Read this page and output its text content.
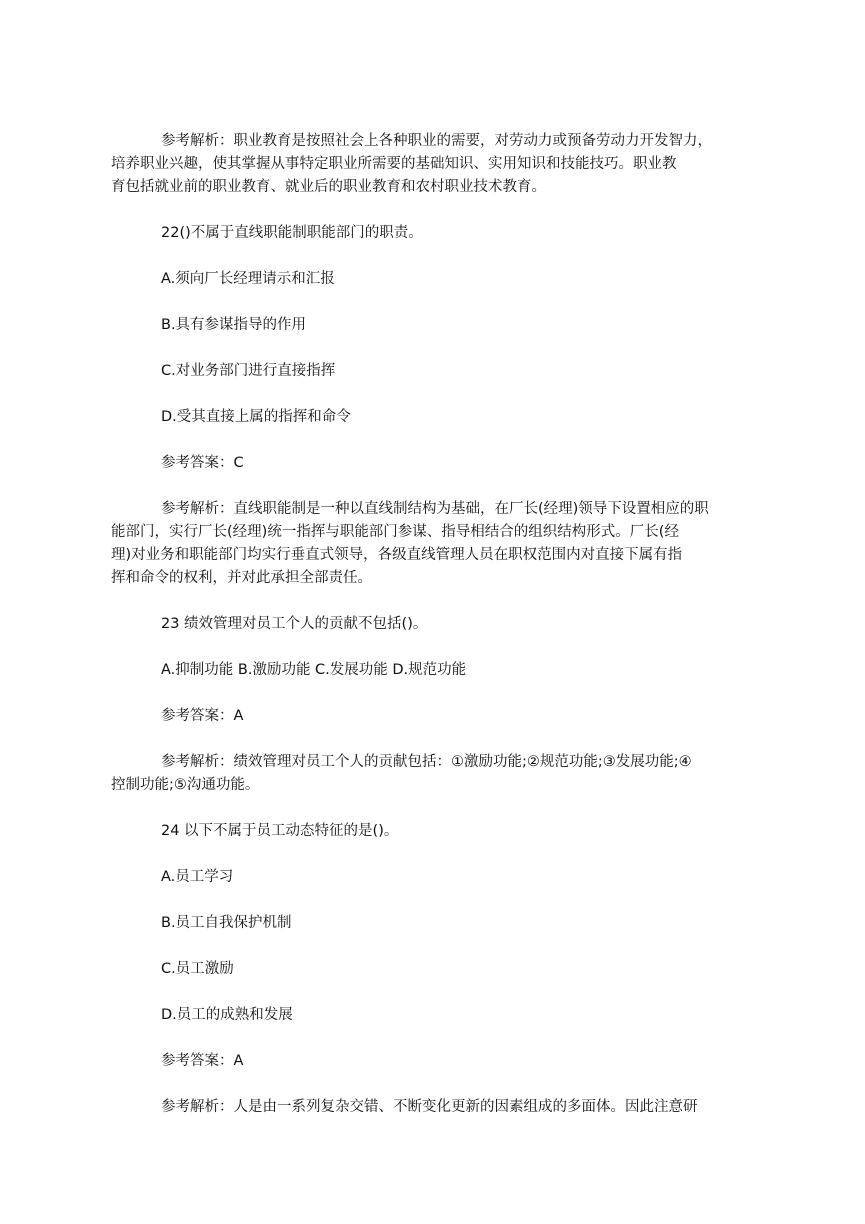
参考解析：职业教育是按照社会上各种职业的需要，对劳动力或预备劳动力开发智力，
培养职业兴趣，使其掌握从事特定职业所需要的基础知识、实用知识和技能技巧。职业教
育包括就业前的职业教育、就业后的职业教育和农村职业技术教育。

22()不属于直线职能制职能部门的职责。

A.须向厂长经理请示和汇报

B.具有参谋指导的作用

C.对业务部门进行直接指挥

D.受其直接上属的指挥和命令

参考答案：C

参考解析：直线职能制是一种以直线制结构为基础，在厂长(经理)领导下设置相应的职
能部门，实行厂长(经理)统一指挥与职能部门参谋、指导相结合的组织结构形式。厂长(经
理)对业务和职能部门均实行垂直式领导，各级直线管理人员在职权范围内对直接下属有指
挥和命令的权利，并对此承担全部责任。

23 绩效管理对员工个人的贡献不包括()。

A.抑制功能 B.激励功能 C.发展功能 D.规范功能

参考答案：A

参考解析：绩效管理对员工个人的贡献包括：①激励功能;②规范功能;③发展功能;④
控制功能;⑤沟通功能。

24 以下不属于员工动态特征的是()。

A.员工学习

B.员工自我保护机制

C.员工激励

D.员工的成熟和发展

参考答案：A

参考解析：人是由一系列复杂交错、不断变化更新的因素组成的多面体。因此注意研
